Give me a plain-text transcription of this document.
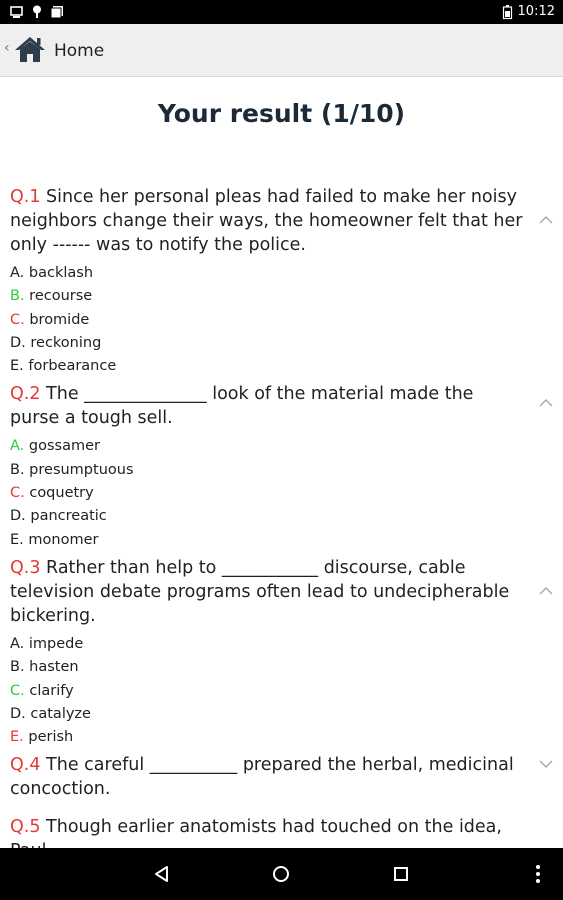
10:12
‹	Home
Your result (1/10)
Q.1 Since her personal pleas had failed to make her noisy neighbors change their ways, the homeowner felt that her only ------ was to notify the police.
A. backlash
B. recourse
C. bromide
D. reckoning
E. forbearance
Q.2 The ______________ look of the material made the purse a tough sell.
A. gossamer
B. presumptuous
C. coquetry
D. pancreatic
E. monomer
Q.3 Rather than help to ___________ discourse, cable television debate programs often lead to undecipherable bickering.
A. impede
B. hasten
C. clarify
D. catalyze
E. perish
Q.4 The careful __________ prepared the herbal, medicinal concoction.
Q.5 Though earlier anatomists had touched on the idea,
